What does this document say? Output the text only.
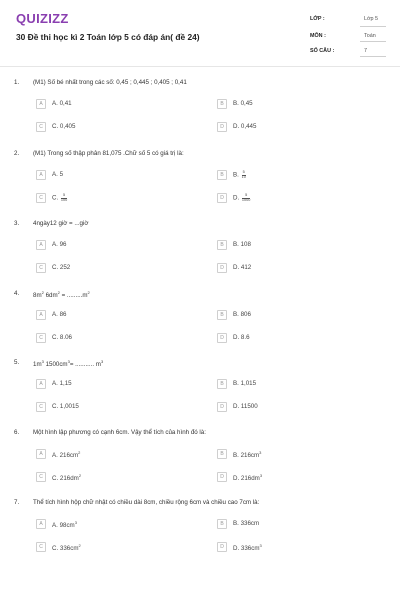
QUIZIZZ
30 Đề thi học kì 2 Toán lớp 5 có đáp án( đề 24)
LỚP :	Lớp 5
MÔN :	Toán
SỐ CÂU :	7
1. (M1) Số bé nhất trong các số: 0,45 ; 0,445 ; 0,405 ; 0,41
A	A. 0,41	B	B. 0,45
C	C. 0,405	D	D. 0,445
2. (M1) Trong số thập phân 81,075 .Chữ số 5 có giá trị là:
A	A. 5	B	B. $\frac{5}{10}$
C	C. $\frac{5}{100}$	D	D. $\frac{5}{1000}$
3. 4ngày12 giờ = ...giờ
A	A. 96	B	B. 108
C	C. 252	D	D. 412
4. $8m^2$ $6dm^2 = .........m^2$
A	A. 86	B	B. 806
C	C. 8.06	D	D. 8.6
5. $1m^3$ $1500cm^3=$ ........... $m^3$
A	A. 1,15	B	B. 1,015
C	C. 1,0015	D	D. 11500
6. Một hình lập phương có cạnh 6cm. Vậy thể tích của hình đó là:
A	A. $216cm^2$	B	B. $216cm^3$
C	C. $216dm^2$	D	D. $216dm^3$
7. Thể tích hình hộp chữ nhật có chiều dài 8cm, chiều rộng 6cm và chiều cao 7cm là:
A	A. $98cm^3$	B	B. 336cm
C	C. $336cm^2$	D	D. $336cm^3$
